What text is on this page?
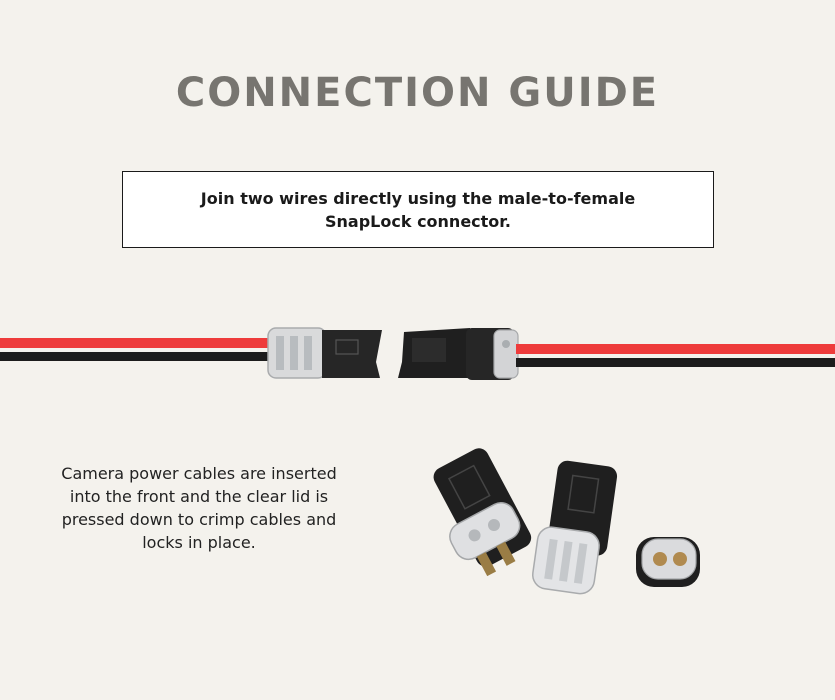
CONNECTION GUIDE
Join two wires directly using the male-to-female SnapLock connector.
Camera power cables are inserted into the front and the clear lid is pressed down to crimp cables and locks in place.
